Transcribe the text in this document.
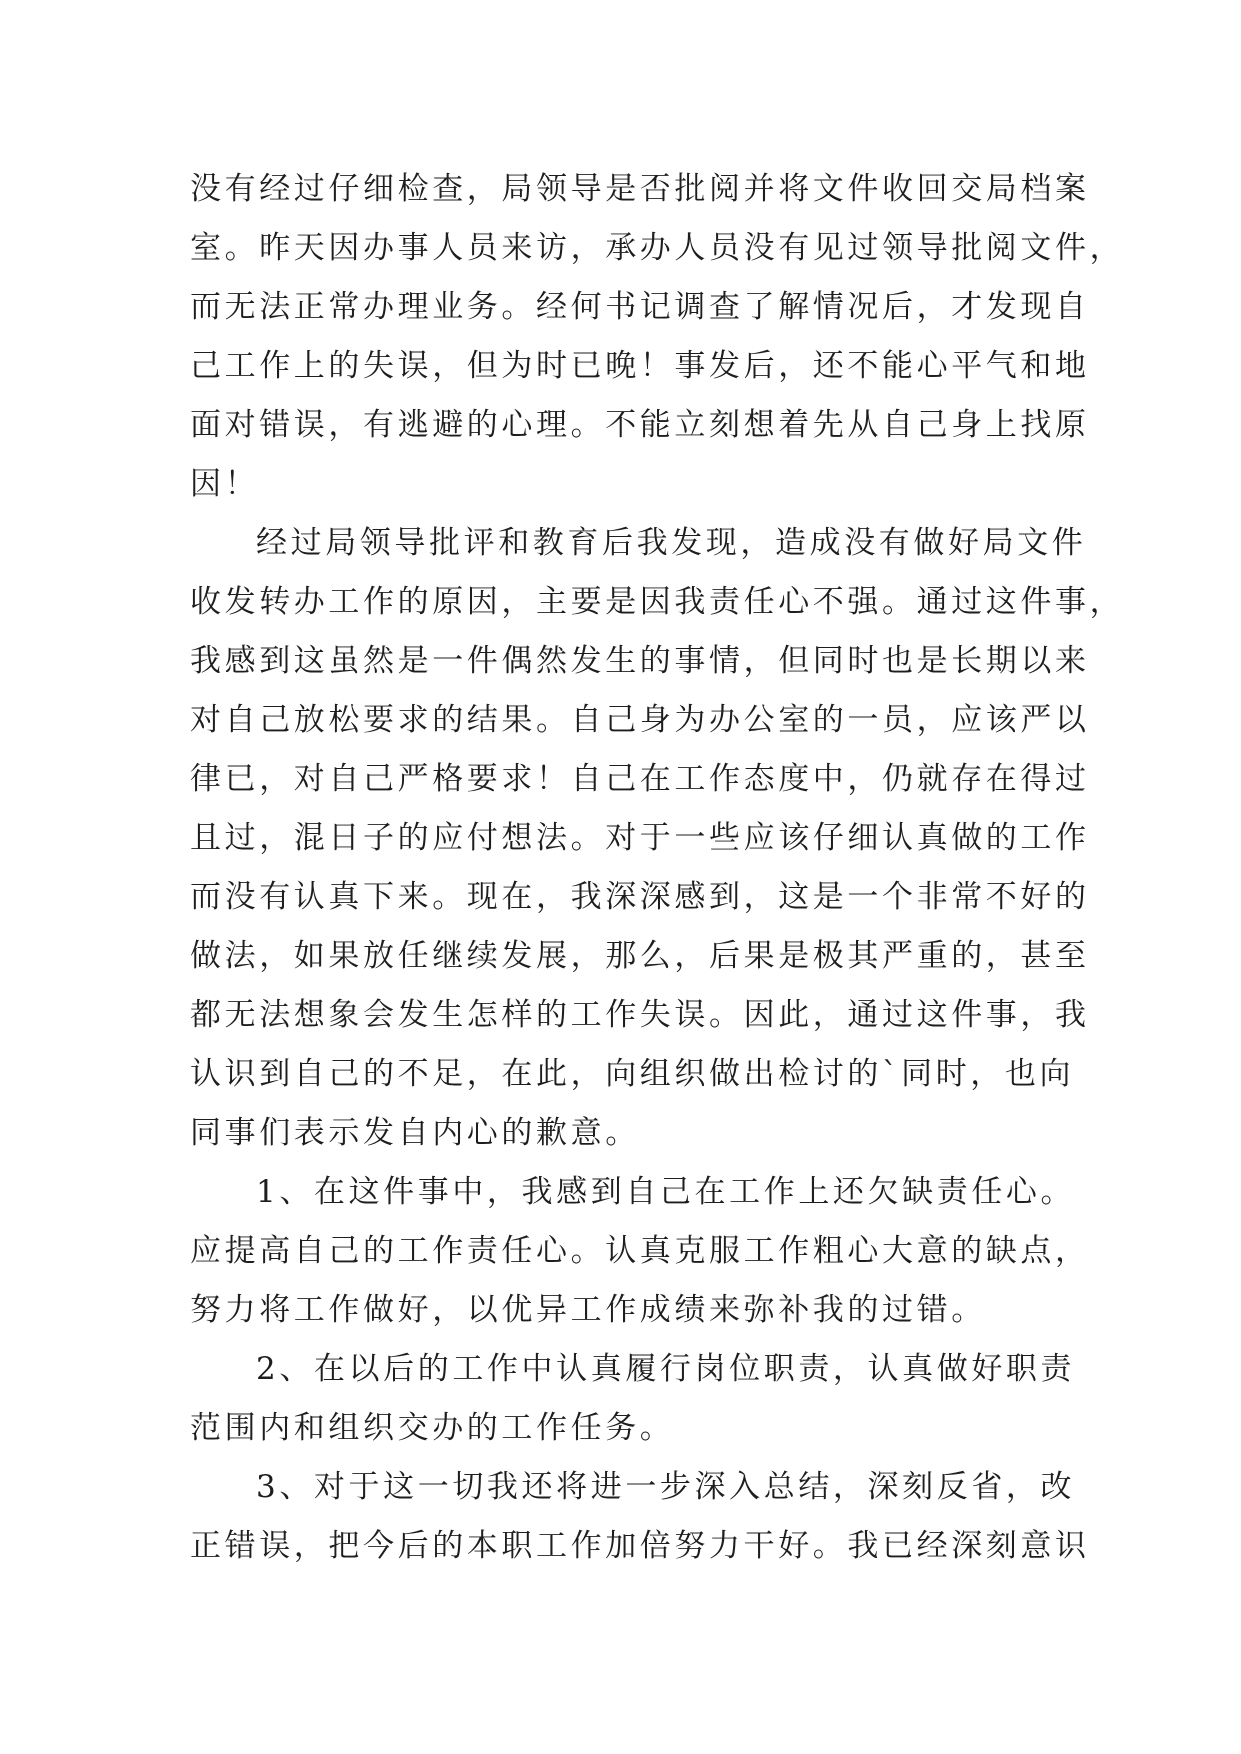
没有经过仔细检查，局领导是否批阅并将文件收回交局档案
室。昨天因办事人员来访，承办人员没有见过领导批阅文件，
而无法正常办理业务。经何书记调查了解情况后，才发现自
己工作上的失误，但为时已晚！事发后，还不能心平气和地
面对错误，有逃避的心理。不能立刻想着先从自己身上找原
因！
经过局领导批评和教育后我发现，造成没有做好局文件
收发转办工作的原因，主要是因我责任心不强。通过这件事，
我感到这虽然是一件偶然发生的事情，但同时也是长期以来
对自己放松要求的结果。自己身为办公室的一员，应该严以
律已，对自己严格要求！自己在工作态度中，仍就存在得过
且过，混日子的应付想法。对于一些应该仔细认真做的工作
而没有认真下来。现在，我深深感到，这是一个非常不好的
做法，如果放任继续发展，那么，后果是极其严重的，甚至
都无法想象会发生怎样的工作失误。因此，通过这件事，我
认识到自己的不足，在此，向组织做出检讨的`同时，也向
同事们表示发自内心的歉意。
1、在这件事中，我感到自己在工作上还欠缺责任心。
应提高自己的工作责任心。认真克服工作粗心大意的缺点，
努力将工作做好，以优异工作成绩来弥补我的过错。
2、在以后的工作中认真履行岗位职责，认真做好职责
范围内和组织交办的工作任务。
3、对于这一切我还将进一步深入总结，深刻反省，改
正错误，把今后的本职工作加倍努力干好。我已经深刻意识
